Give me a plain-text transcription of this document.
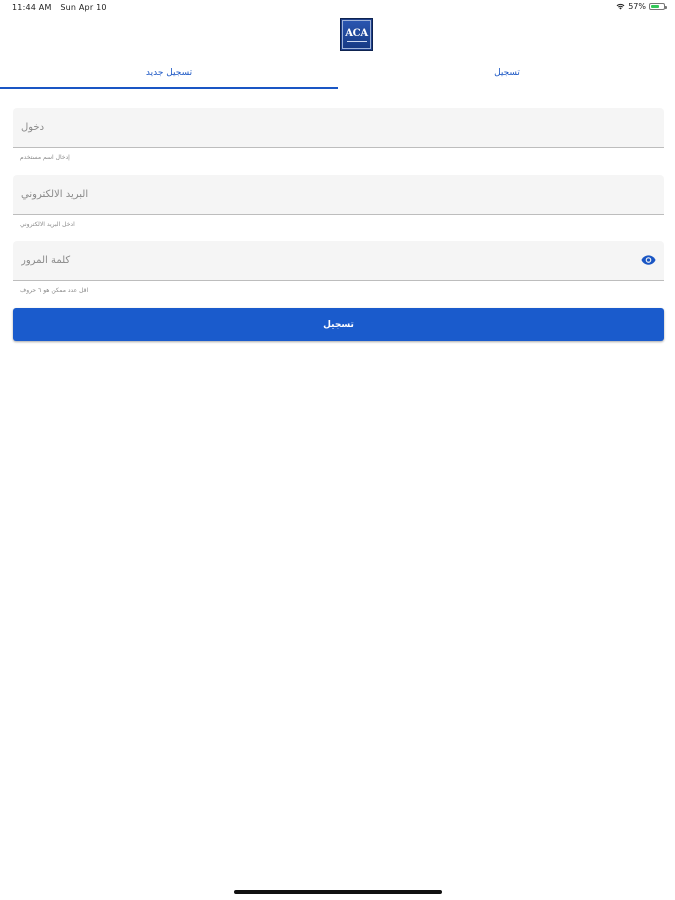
11:44 AM Sun Apr 10	57%
ACA
تسجيل جديد	تسجيل
دخول
إدخال اسم مستخدم
البريد الالكتروني
ادخل البريد الالكتروني
اقل عدد ممكن هو ٦ حروف
تسجيل
